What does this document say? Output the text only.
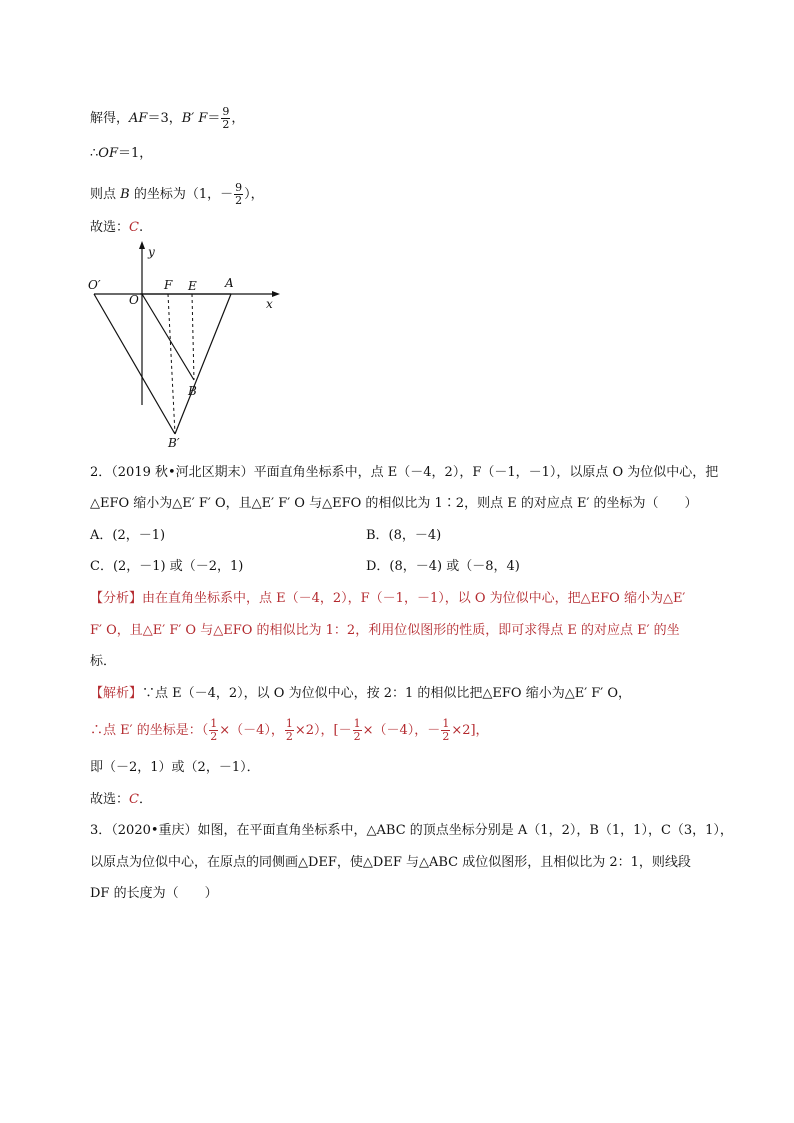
解得，AF＝3，B′ $F= \frac{9}{2}$ ，
∴OF＝1，
则点 B 的坐标为（1，－ $\frac{9}{2}$ ），
故选：C.
y
x
O′
O
F E A
B
B′
2．（2019 秋•河北区期末）平面直角坐标系中，点 E（－4，2），F（－1，－1），以原点 O 为位似中心，把
△EFO 缩小为△E′ F′ O，且△E′ F′ O 与△EFO 的相似比为 1∶2，则点 E 的对应点 E′ 的坐标为（　　）
A．(2，－1)	B．(8，－4)
C．(2，－1) 或（－2，1)	D．(8，－4) 或（－8，4)
【分析】由在直角坐标系中，点 E（－4，2），F（－1，－1），以 O 为位似中心，把△EFO 缩小为△E′
F′ O，且△E′ F′ O 与△EFO 的相似比为 1：2，利用位似图形的性质，即可求得点 E 的对应点 E′ 的坐
标．
【解析】∵点 E（－4，2），以 O 为位似中心，按 2：1 的相似比把△EFO 缩小为△E′ F′ O，
∴点 E′ 的坐标是：（ $\frac{1}{2} \times(-4)$， $\frac{1}{2} \times 2$），[－ $\frac{1}{2} \times(-4)$，－ $\frac{1}{2} \times 2$]，
即（－2，1）或（2，－1）．
故选：C．
3．（2020•重庆）如图，在平面直角坐标系中，△ABC 的顶点坐标分别是 A（1，2），B（1，1），C（3，1），
以原点为位似中心，在原点的同侧画△DEF，使△DEF 与△ABC 成位似图形，且相似比为 2：1，则线段
DF 的长度为（　　）
